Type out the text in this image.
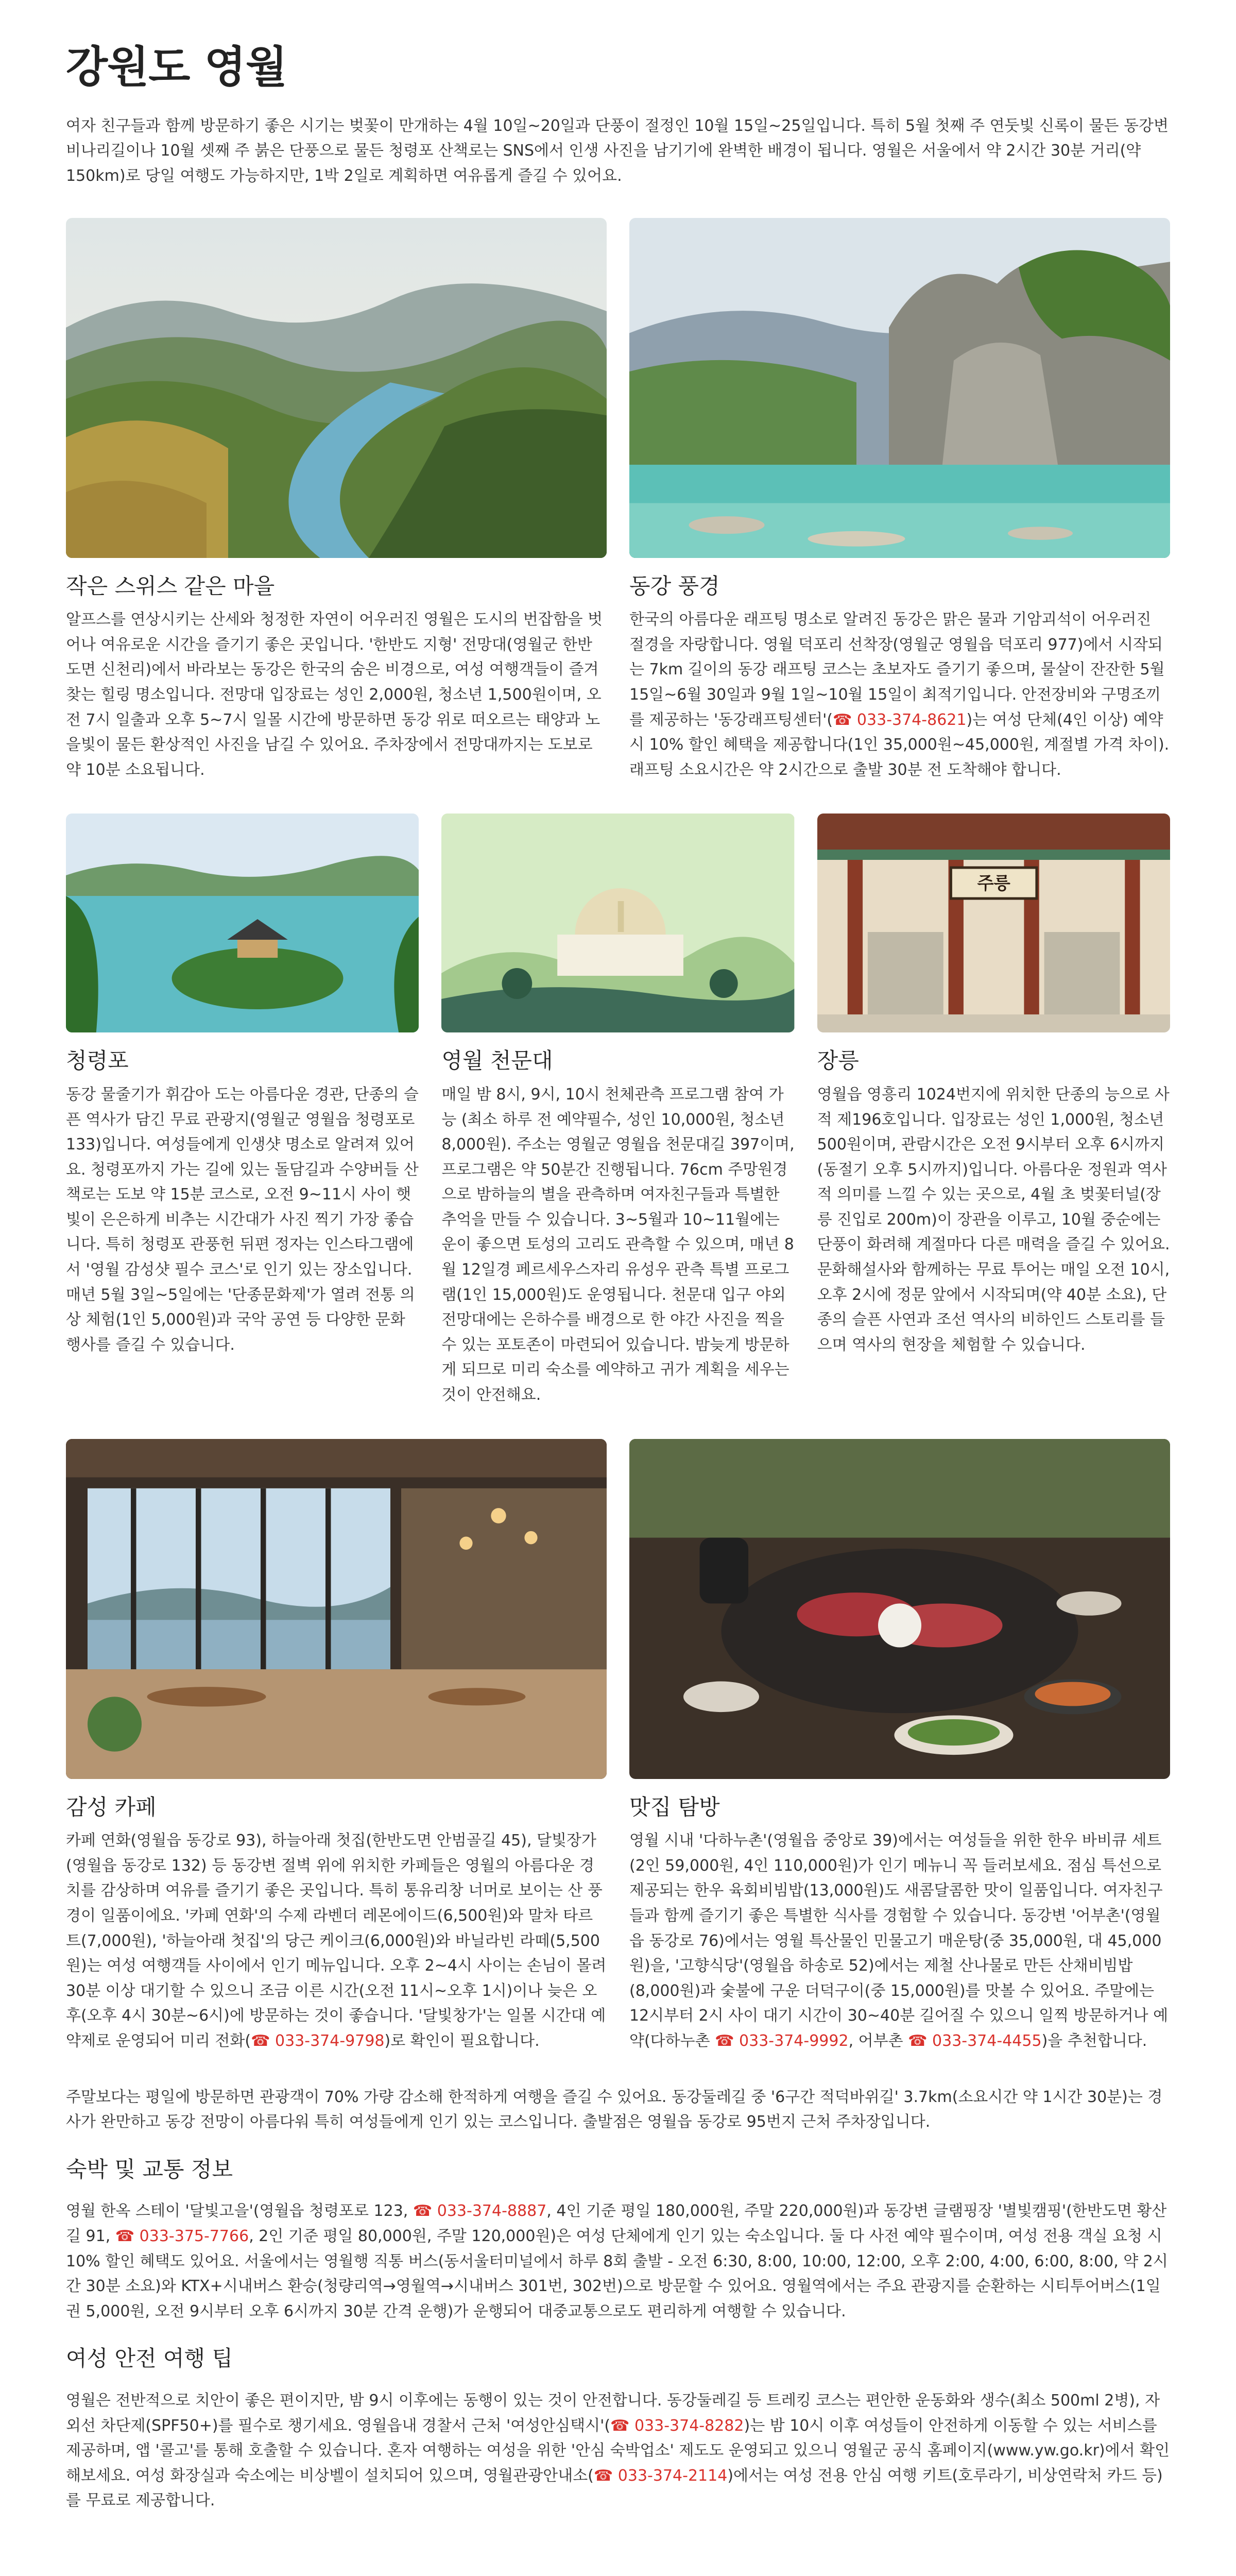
강원도 영월

여자 친구들과 함께 방문하기 좋은 시기는 벚꽃이 만개하는 4월 10일~20일과 단풍이 절정인 10월 15일~25일입니다. 특히 5월 첫째 주 연둣빛 신록이 물든 동강변 비나리길이나 10월 셋째 주 붉은 단풍으로 물든 청령포 산책로는 SNS에서 인생 사진을 남기기에 완벽한 배경이 됩니다. 영월은 서울에서 약 2시간 30분 거리(약 150km)로 당일 여행도 가능하지만, 1박 2일로 계획하면 여유롭게 즐길 수 있어요.

작은 스위스 같은 마을

알프스를 연상시키는 산세와 청정한 자연이 어우러진 영월은 도시의 번잡함을 벗어나 여유로운 시간을 즐기기 좋은 곳입니다. '한반도 지형' 전망대(영월군 한반도면 신천리)에서 바라보는 동강은 한국의 숨은 비경으로, 여성 여행객들이 즐겨 찾는 힐링 명소입니다. 전망대 입장료는 성인 2,000원, 청소년 1,500원이며, 오전 7시 일출과 오후 5~7시 일몰 시간에 방문하면 동강 위로 떠오르는 태양과 노을빛이 물든 환상적인 사진을 남길 수 있어요. 주차장에서 전망대까지는 도보로 약 10분 소요됩니다.

동강 풍경

한국의 아름다운 래프팅 명소로 알려진 동강은 맑은 물과 기암괴석이 어우러진 절경을 자랑합니다. 영월 덕포리 선착장(영월군 영월읍 덕포리 977)에서 시작되는 7km 길이의 동강 래프팅 코스는 초보자도 즐기기 좋으며, 물살이 잔잔한 5월 15일~6월 30일과 9월 1일~10월 15일이 최적기입니다. 안전장비와 구명조끼를 제공하는 '동강래프팅센터'(☎ 033-374-8621)는 여성 단체(4인 이상) 예약 시 10% 할인 혜택을 제공합니다(1인 35,000원~45,000원, 계절별 가격 차이). 래프팅 소요시간은 약 2시간으로 출발 30분 전 도착해야 합니다.

청령포

동강 물줄기가 휘감아 도는 아름다운 경관, 단종의 슬픈 역사가 담긴 무료 관광지(영월군 영월읍 청령포로 133)입니다. 여성들에게 인생샷 명소로 알려져 있어요. 청령포까지 가는 길에 있는 돌담길과 수양버들 산책로는 도보 약 15분 코스로, 오전 9~11시 사이 햇빛이 은은하게 비추는 시간대가 사진 찍기 가장 좋습니다. 특히 청령포 관풍헌 뒤편 정자는 인스타그램에서 '영월 감성샷 필수 코스'로 인기 있는 장소입니다. 매년 5월 3일~5일에는 '단종문화제'가 열려 전통 의상 체험(1인 5,000원)과 국악 공연 등 다양한 문화 행사를 즐길 수 있습니다.

영월 천문대

매일 밤 8시, 9시, 10시 천체관측 프로그램 참여 가능 (최소 하루 전 예약필수, 성인 10,000원, 청소년 8,000원). 주소는 영월군 영월읍 천문대길 397이며, 프로그램은 약 50분간 진행됩니다. 76cm 주망원경으로 밤하늘의 별을 관측하며 여자친구들과 특별한 추억을 만들 수 있습니다. 3~5월과 10~11월에는 운이 좋으면 토성의 고리도 관측할 수 있으며, 매년 8월 12일경 페르세우스자리 유성우 관측 특별 프로그램(1인 15,000원)도 운영됩니다. 천문대 입구 야외 전망대에는 은하수를 배경으로 한 야간 사진을 찍을 수 있는 포토존이 마련되어 있습니다. 밤늦게 방문하게 되므로 미리 숙소를 예약하고 귀가 계획을 세우는 것이 안전해요.

주릉
장릉

영월읍 영흥리 1024번지에 위치한 단종의 능으로 사적 제196호입니다. 입장료는 성인 1,000원, 청소년 500원이며, 관람시간은 오전 9시부터 오후 6시까지(동절기 오후 5시까지)입니다. 아름다운 정원과 역사적 의미를 느낄 수 있는 곳으로, 4월 초 벚꽃터널(장릉 진입로 200m)이 장관을 이루고, 10월 중순에는 단풍이 화려해 계절마다 다른 매력을 즐길 수 있어요. 문화해설사와 함께하는 무료 투어는 매일 오전 10시, 오후 2시에 정문 앞에서 시작되며(약 40분 소요), 단종의 슬픈 사연과 조선 역사의 비하인드 스토리를 들으며 역사의 현장을 체험할 수 있습니다.

감성 카페

카페 연화(영월읍 동강로 93), 하늘아래 첫집(한반도면 안범골길 45), 달빛장가(영월읍 동강로 132) 등 동강변 절벽 위에 위치한 카페들은 영월의 아름다운 경치를 감상하며 여유를 즐기기 좋은 곳입니다. 특히 통유리창 너머로 보이는 산 풍경이 일품이에요. '카페 연화'의 수제 라벤더 레몬에이드(6,500원)와 말차 타르트(7,000원), '하늘아래 첫집'의 당근 케이크(6,000원)와 바닐라빈 라떼(5,500원)는 여성 여행객들 사이에서 인기 메뉴입니다. 오후 2~4시 사이는 손님이 몰려 30분 이상 대기할 수 있으니 조금 이른 시간(오전 11시~오후 1시)이나 늦은 오후(오후 4시 30분~6시)에 방문하는 것이 좋습니다. '달빛창가'는 일몰 시간대 예약제로 운영되어 미리 전화(☎ 033-374-9798)로 확인이 필요합니다.

맛집 탐방

영월 시내 '다하누촌'(영월읍 중앙로 39)에서는 여성들을 위한 한우 바비큐 세트(2인 59,000원, 4인 110,000원)가 인기 메뉴니 꼭 들러보세요. 점심 특선으로 제공되는 한우 육회비빔밥(13,000원)도 새콤달콤한 맛이 일품입니다. 여자친구들과 함께 즐기기 좋은 특별한 식사를 경험할 수 있습니다. 동강변 '어부촌'(영월읍 동강로 76)에서는 영월 특산물인 민물고기 매운탕(중 35,000원, 대 45,000원)을, '고향식당'(영월읍 하송로 52)에서는 제철 산나물로 만든 산채비빔밥(8,000원)과 숯불에 구운 더덕구이(중 15,000원)를 맛볼 수 있어요. 주말에는 12시부터 2시 사이 대기 시간이 30~40분 길어질 수 있으니 일찍 방문하거나 예약(다하누촌 ☎ 033-374-9992, 어부촌 ☎ 033-374-4455)을 추천합니다.

주말보다는 평일에 방문하면 관광객이 70% 가량 감소해 한적하게 여행을 즐길 수 있어요. 동강둘레길 중 '6구간 적덕바위길' 3.7km(소요시간 약 1시간 30분)는 경사가 완만하고 동강 전망이 아름다워 특히 여성들에게 인기 있는 코스입니다. 출발점은 영월읍 동강로 95번지 근처 주차장입니다.

숙박 및 교통 정보

영월 한옥 스테이 '달빛고을'(영월읍 청령포로 123, ☎ 033-374-8887, 4인 기준 평일 180,000원, 주말 220,000원)과 동강변 글램핑장 '별빛캠핑'(한반도면 황산길 91, ☎ 033-375-7766, 2인 기준 평일 80,000원, 주말 120,000원)은 여성 단체에게 인기 있는 숙소입니다. 둘 다 사전 예약 필수이며, 여성 전용 객실 요청 시 10% 할인 혜택도 있어요. 서울에서는 영월행 직통 버스(동서울터미널에서 하루 8회 출발 - 오전 6:30, 8:00, 10:00, 12:00, 오후 2:00, 4:00, 6:00, 8:00, 약 2시간 30분 소요)와 KTX+시내버스 환승(청량리역→영월역→시내버스 301번, 302번)으로 방문할 수 있어요. 영월역에서는 주요 관광지를 순환하는 시티투어버스(1일권 5,000원, 오전 9시부터 오후 6시까지 30분 간격 운행)가 운행되어 대중교통으로도 편리하게 여행할 수 있습니다.

여성 안전 여행 팁

영월은 전반적으로 치안이 좋은 편이지만, 밤 9시 이후에는 동행이 있는 것이 안전합니다. 동강둘레길 등 트레킹 코스는 편안한 운동화와 생수(최소 500ml 2병), 자외선 차단제(SPF50+)를 필수로 챙기세요. 영월읍내 경찰서 근처 '여성안심택시'(☎ 033-374-8282)는 밤 10시 이후 여성들이 안전하게 이동할 수 있는 서비스를 제공하며, 앱 '콜고'를 통해 호출할 수 있습니다. 혼자 여행하는 여성을 위한 '안심 숙박업소' 제도도 운영되고 있으니 영월군 공식 홈페이지(www.yw.go.kr)에서 확인해보세요. 여성 화장실과 숙소에는 비상벨이 설치되어 있으며, 영월관광안내소(☎ 033-374-2114)에서는 여성 전용 안심 여행 키트(호루라기, 비상연락처 카드 등)를 무료로 제공합니다.
